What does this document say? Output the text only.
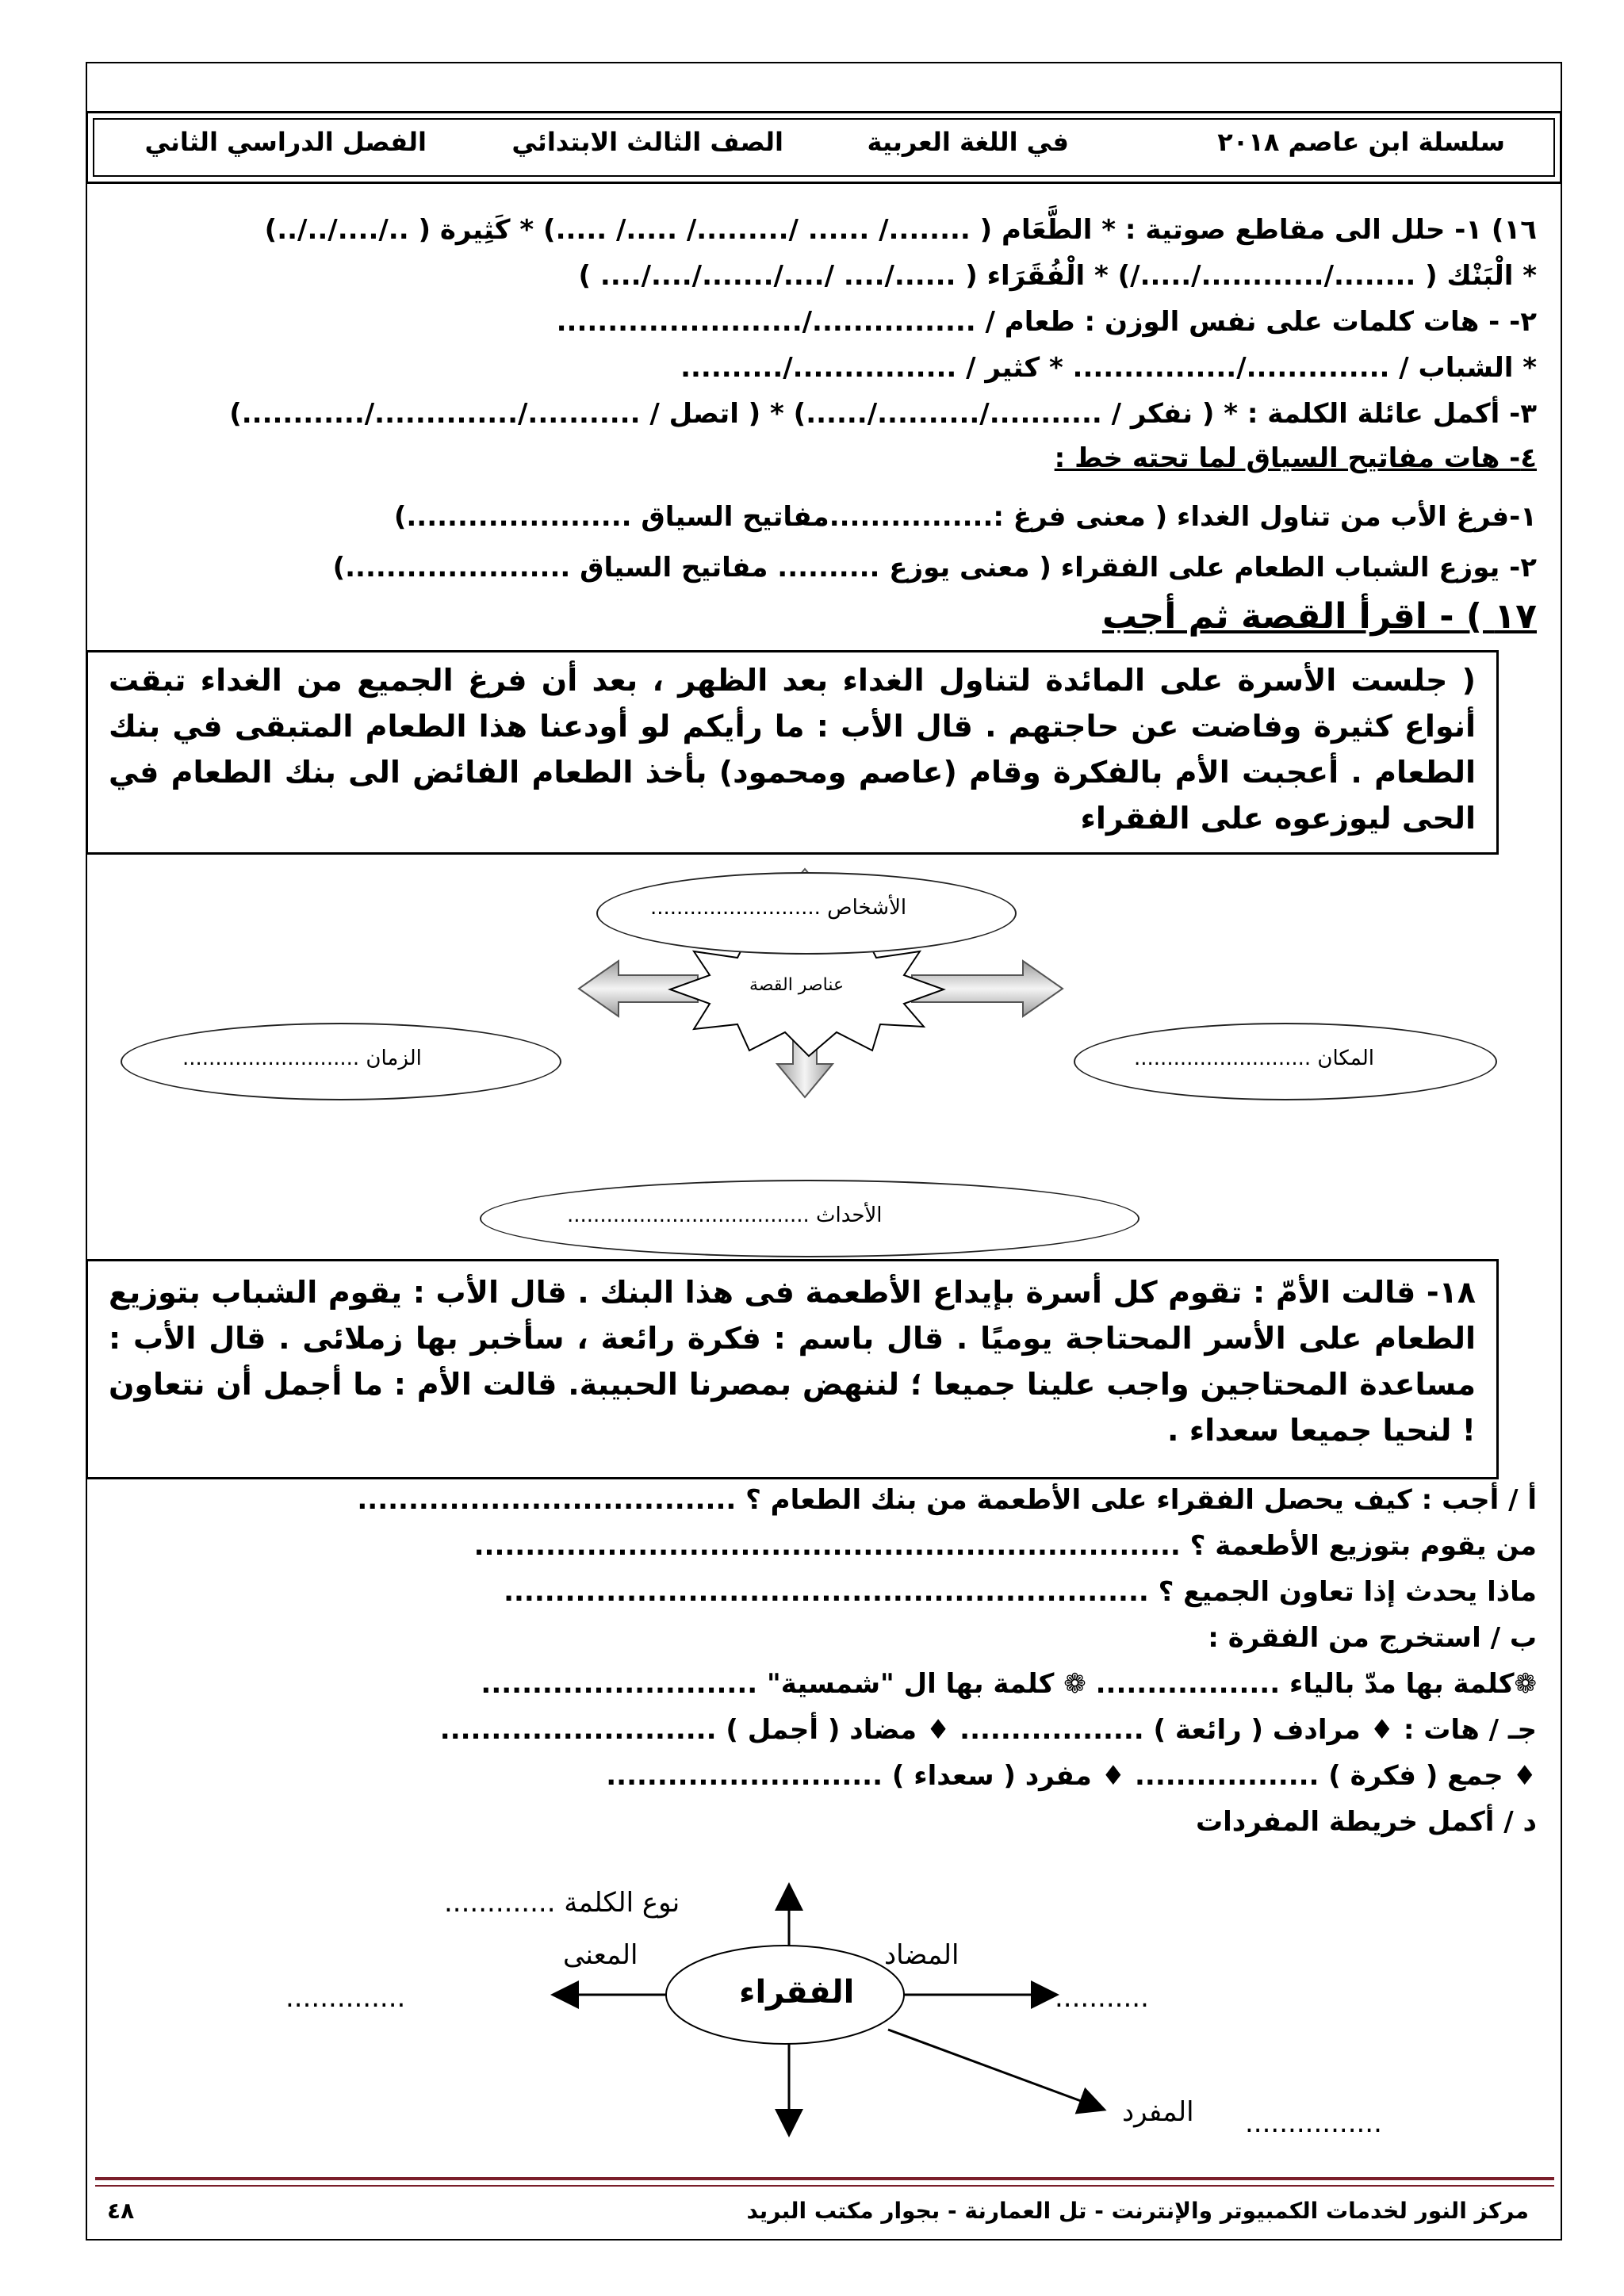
سلسلة ابن عاصم ٢٠١٨
في اللغة العربية
الصف الثالث الابتدائي
الفصل الدراسي الثاني
١٦) ١- حلل الى مقاطع صوتية : * الطَّعَام ( ......../ ...... /........./ ...../ .....) * كَثِيرة ( ../..../../..)
* الْبَنْك ( ......../............/...../) * الْفُقَرَاء ( ....../.... /..../......./..../.... )
٢- - هات كلمات على نفس الوزن : طعام / ................/........................
* الشباب / ............../................ * كثير / ................/..........
٣- أكمل عائلة الكلمة : * ( نفكر / .........../........../......) * ( اتصل / .........../............../............)
٤- هات مفاتيح السياق لما تحته خط :
١-فرغ الأب من تناول الغداء ( معنى فرغ :................مفاتيح السياق ......................)
٢- يوزع الشباب الطعام على الفقراء ( معنى يوزع .......... مفاتيح السياق ......................)
١٧ ) - اقرأ القصة ثم أجب
( جلست الأسرة على المائدة لتناول الغداء بعد الظهر ، بعد أن فرغ الجميع من الغداء تبقت أنواع كثيرة وفاضت عن حاجتهم . قال الأب : ما رأيكم لو أودعنا هذا الطعام المتبقى في بنك الطعام . أعجبت الأم بالفكرة وقام (عاصم ومحمود) بأخذ الطعام الفائض الى بنك الطعام في الحى ليوزعوه على الفقراء
عناصر القصة
الأشخاص ..........................
الزمان ...........................	المكان ...........................
الأحداث .....................................
١٨- قالت الأمّ : تقوم كل أسرة بإيداع الأطعمة فى هذا البنك . قال الأب : يقوم الشباب بتوزيع الطعام على الأسر المحتاجة يوميًا . قال باسم : فكرة رائعة ، سأخبر بها زملائى . قال الأب : مساعدة المحتاجين واجب علينا جميعا ؛ لننهض بمصرنا الحبيبة. قالت الأم : ما أجمل أن نتعاون ! لنحيا جميعا سعداء .
أ / أجب : كيف يحصل الفقراء على الأطعمة من بنك الطعام ؟ .....................................
من يقوم بتوزيع الأطعمة ؟ .....................................................................
ماذا يحدث إذا تعاون الجميع ؟ ...............................................................
ب / استخرج من الفقرة :
❁كلمة بها مدّ بالياء .................. ❁ كلمة بها ال "شمسية" ...........................
جـ / هات : ♦ مرادف ( رائعة ) .................. ♦ مضاد ( أجمل ) ...........................
♦ جمع ( فكرة ) .................. ♦ مفرد ( سعداء ) ...........................
د / أكمل خريطة المفردات
الفقراء
نوع الكلمة .............
المعنى	المضاد
المفرد
..............	...........
................
مركز النور لخدمات الكمبيوتر والإنترنت - تل العمارنة - بجوار مكتب البريد
٤٨
